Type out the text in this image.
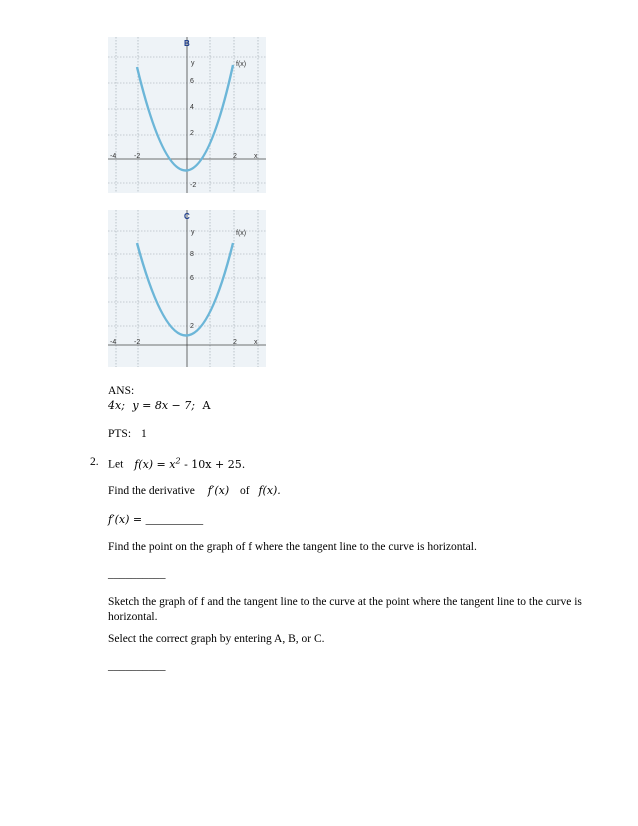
B
y	f(x)
x
6
4
2
-2
-4	-2	2
C
y	f(x)
x
8
6
2
-4	-2	2
ANS:
4x; y = 8x − 7; A
PTS: 1
2. Let $f(x) = x^2 - 10x + 25$.
Find the derivative f′(x) of f(x).
f′(x) = __________
Find the point on the graph of f where the tangent line to the curve is horizontal.
__________
Sketch the graph of f and the tangent line to the curve at the point where the tangent line to the curve is
horizontal.
Select the correct graph by entering A, B, or C.
__________
